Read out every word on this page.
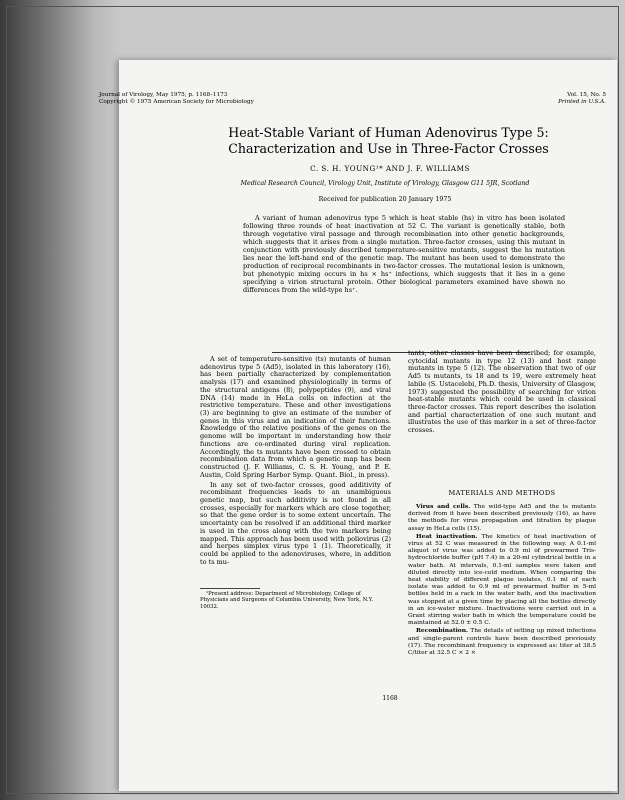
Journal of Virology, May 1975, p. 1168–1173
Copyright © 1975 American Society for Microbiology
Vol. 15, No. 5
Printed in U.S.A.
Heat-Stable Variant of Human Adenovirus Type 5: Characterization and Use in Three-Factor Crosses
C. S. H. YOUNG¹* AND J. F. WILLIAMS
Medical Research Council, Virology Unit, Institute of Virology, Glasgow G11 5JR, Scotland
Received for publication 20 January 1975
A variant of human adenovirus type 5 which is heat stable (hs) in vitro has been isolated following three rounds of heat inactivation at 52 C. The variant is genetically stable, both through vegetative viral passage and through recombination into other genetic backgrounds, which suggests that it arises from a single mutation. Three-factor crosses, using this mutant in conjunction with previously described temperature-sensitive mutants, suggest the hs mutation lies near the left-hand end of the genetic map. The mutant has been used to demonstrate the production of reciprocal recombinants in two-factor crosses. The mutational lesion is unknown, but phenotypic mixing occurs in hs × hs⁺ infections, which suggests that it lies in a gene specifying a virion structural protein. Other biological parameters examined have shown no differences from the wild-type hs⁺.

A set of temperature-sensitive (ts) mutants of human adenovirus type 5 (Ad5), isolated in this laboratory (16), has been partially characterized by complementation analysis (17) and examined physiologically in terms of the structural antigens (8), polypeptides (9), and viral DNA (14) made in HeLa cells on infection at the restrictive temperature. These and other investigations (3) are beginning to give an estimate of the number of genes in this virus and an indication of their functions. Knowledge of the relative positions of the genes on the genome will be important in understanding how their functions are co-ordinated during viral replication. Accordingly, the ts mutants have been crossed to obtain recombination data from which a genetic map has been constructed (J. F. Williams, C. S. H. Young, and P. E. Austin, Cold Spring Harbor Symp. Quant. Biol., in press).

In any set of two-factor crosses, good additivity of recombinant frequencies leads to an unambiguous genetic map, but such additivity is not found in all crosses, especially for markers which are close together, so that the gene order is to some extent uncertain. The uncertainty can be resolved if an additional third marker is used in the cross along with the two markers being mapped. This approach has been used with poliovirus (2) and herpes simplex virus type 1 (1). Theoretically, it could be applied to the adenoviruses, where, in addition to ts mu-

¹Present address: Department of Microbiology, College of Physicians and Surgeons of Columbia University, New York, N.Y. 10032.

tants, other classes have been described; for example, cytocidal mutants in type 12 (13) and host range mutants in type 5 (12). The observation that two of our Ad5 ts mutants, ts 18 and ts 19, were extremely heat labile (S. Ustacelebi, Ph.D. thesis, University of Glasgow, 1973) suggested the possibility of searching for virion heat-stable mutants which could be used in classical three-factor crosses. This report describes the isolation and partial characterization of one such mutant and illustrates the use of this marker in a set of three-factor crosses.

MATERIALS AND METHODS

Virus and cells. The wild-type Ad5 and the ts mutants derived from it have been described previously (16), as have the methods for virus propagation and titration by plaque assay in HeLa cells (15).

Heat inactivation. The kinetics of heat inactivation of virus at 52 C was measured in the following way. A 0.1-ml aliquot of virus was added to 0.9 ml of prewarmed Tris-hydrochloride buffer (pH 7.4) in a 20-ml cylindrical bottle in a water bath. At intervals, 0.1-ml samples were taken and diluted directly into ice-cold medium. When comparing the heat stability of different plaque isolates, 0.1 ml of each isolate was added to 0.9 ml of prewarmed buffer in 5-ml bottles held in a rack in the water bath, and the inactivation was stopped at a given time by placing all the bottles directly in an ice-water mixture. Inactivations were carried out in a Grant stirring water bath in which the temperature could be maintained at 52.0 ± 0.5 C.

Recombination. The details of setting up mixed infections and single-parent controls have been described previously (17). The recombinant frequency is expressed as: titer at 38.5 C/titer at 32.5 C × 2 ×

1168
